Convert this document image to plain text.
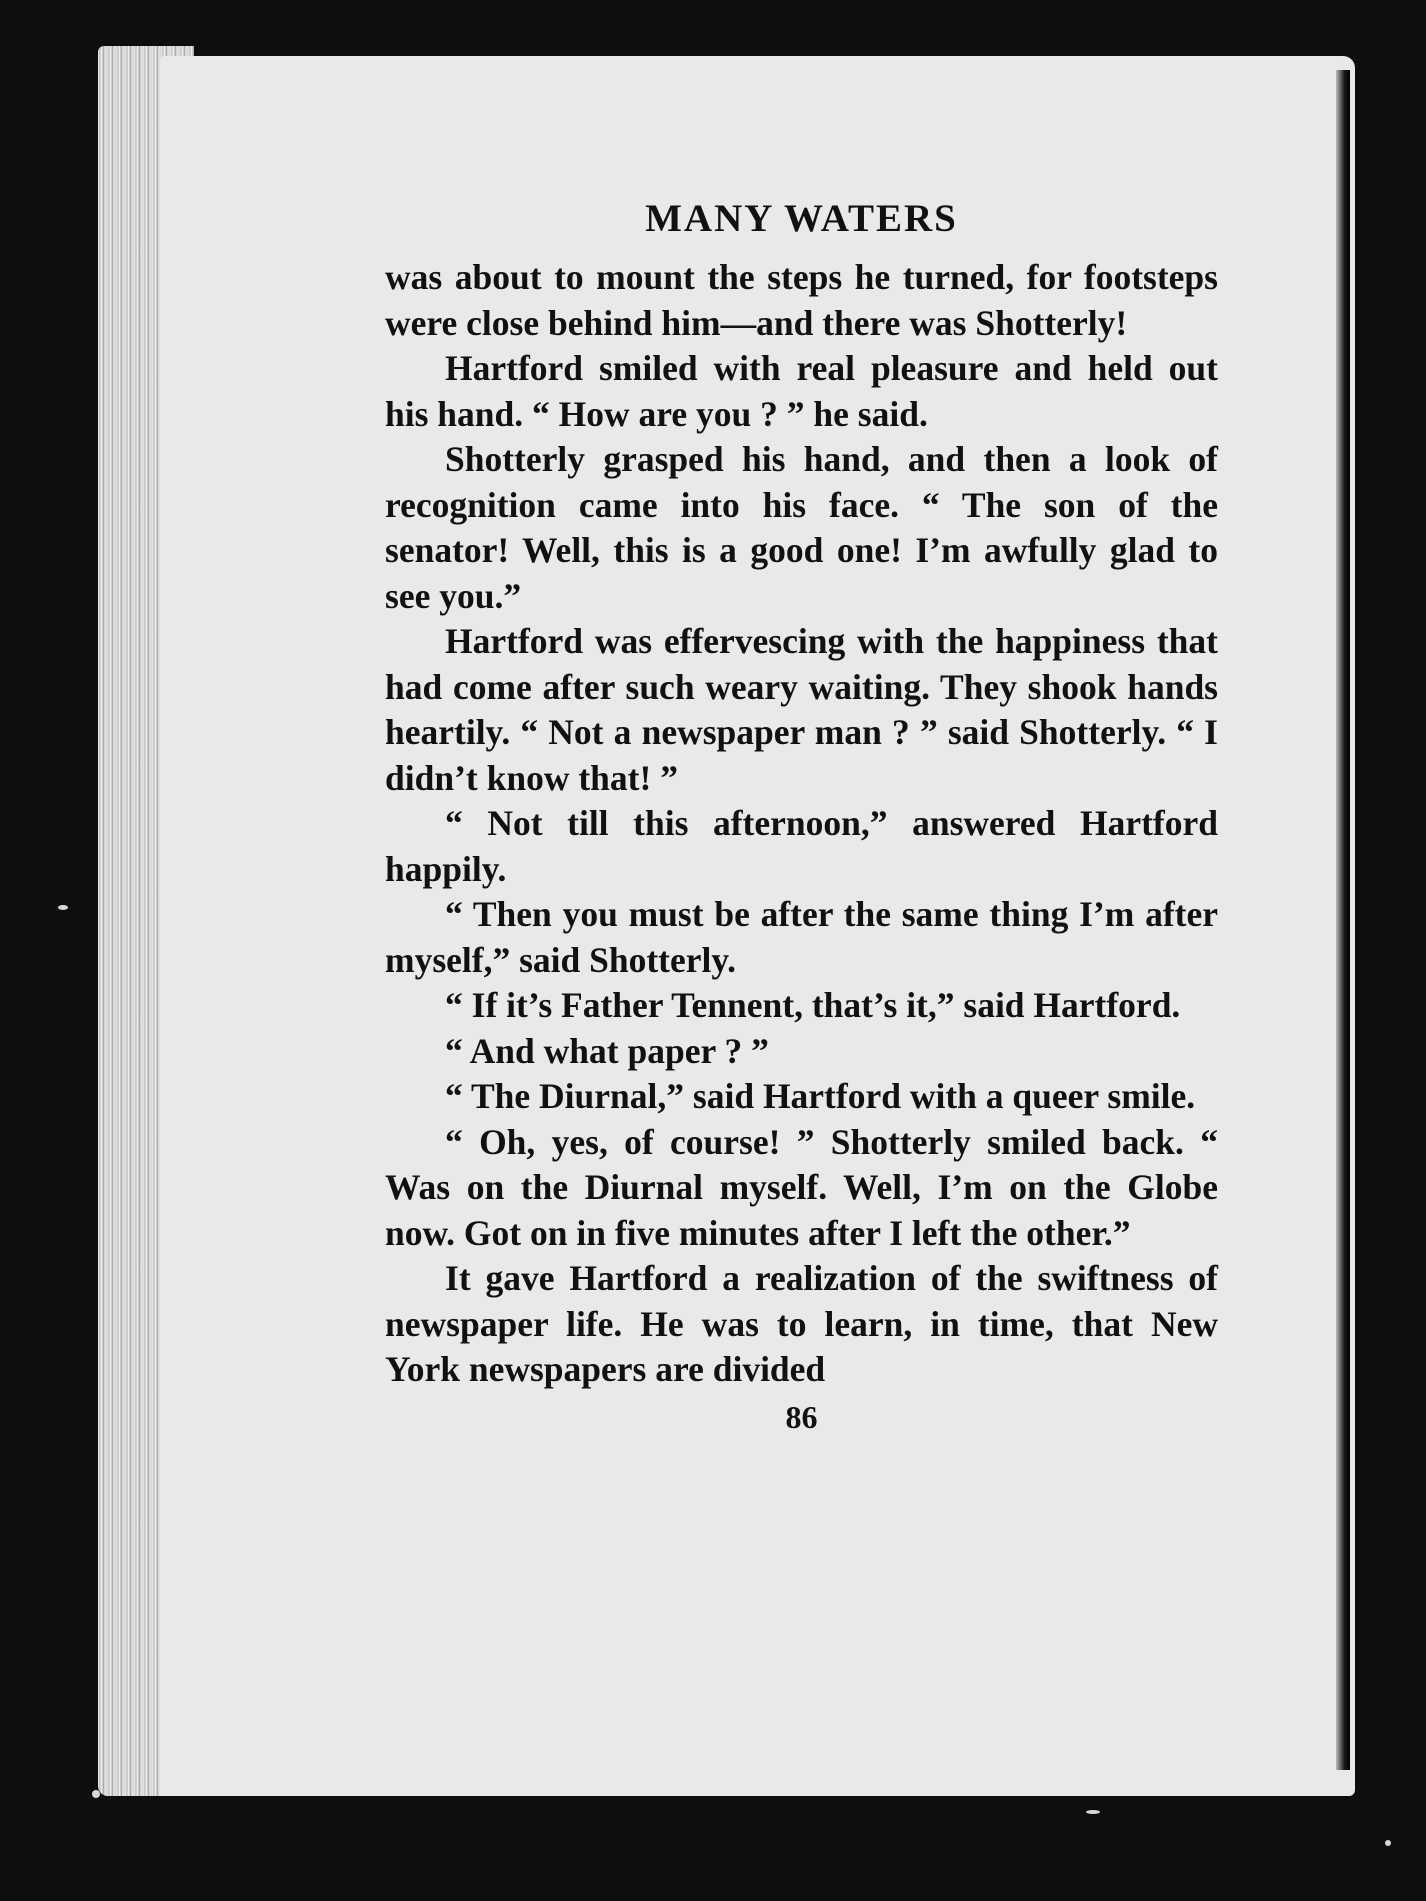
MANY WATERS

was about to mount the steps he turned, for footsteps were close behind him—and there was Shotterly!

Hartford smiled with real pleasure and held out his hand. “ How are you ? ” he said.

Shotterly grasped his hand, and then a look of recognition came into his face. “ The son of the senator! Well, this is a good one! I’m awfully glad to see you.”

Hartford was effervescing with the happiness that had come after such weary waiting. They shook hands heartily. “ Not a newspaper man ? ” said Shotterly. “ I didn’t know that! ”

“ Not till this afternoon,” answered Hartford happily.

“ Then you must be after the same thing I’m after myself,” said Shotterly.

“ If it’s Father Tennent, that’s it,” said Hartford.

“ And what paper ? ”

“ The Diurnal,” said Hartford with a queer smile.

“ Oh, yes, of course! ” Shotterly smiled back. “ Was on the Diurnal myself. Well, I’m on the Globe now. Got on in five minutes after I left the other.”

It gave Hartford a realization of the swiftness of newspaper life. He was to learn, in time, that New York newspapers are divided

86
